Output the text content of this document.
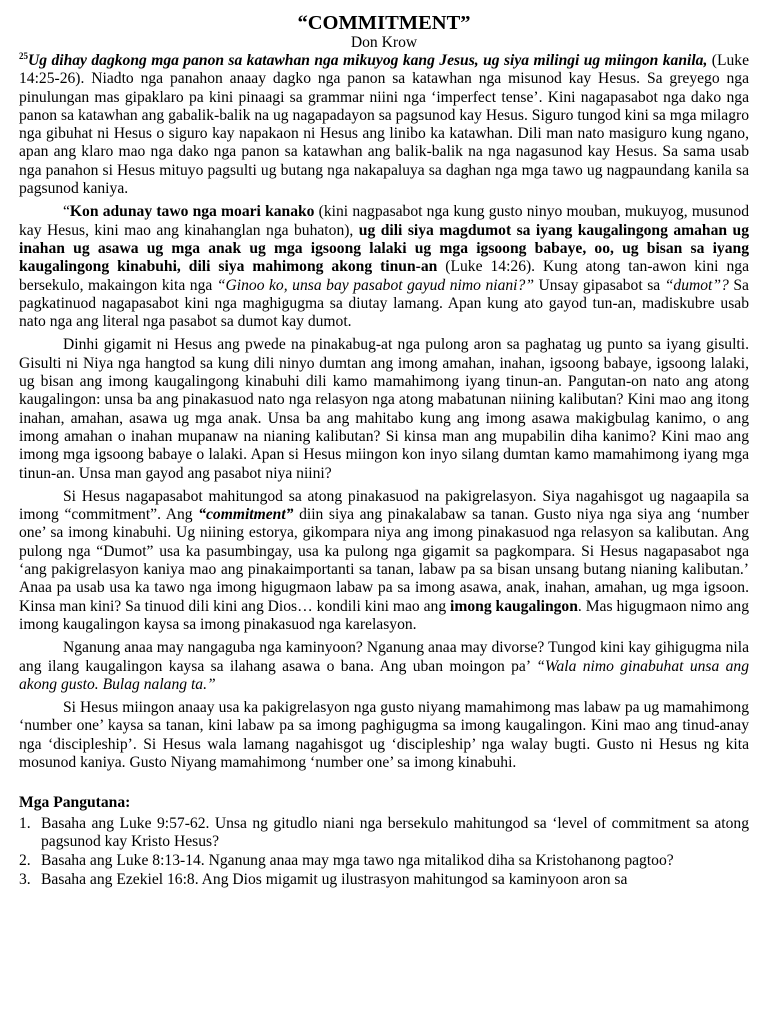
“COMMITMENT”
Don Krow

$^{25}$Ug dihay dagkong mga panon sa katawhan nga mikuyog kang Jesus, ug siya milingi ug miingon kanila, (Luke 14:25-26). Niadto nga panahon anaay dagko nga panon sa katawhan nga misunod kay Hesus. Sa greyego nga pinulungan mas gipaklaro pa kini pinaagi sa grammar niini nga ‘imperfect tense’. Kini nagapasabot nga dako nga panon sa katawhan ang gabalik-balik na ug nagapadayon sa pagsunod kay Hesus. Siguro tungod kini sa mga milagro nga gibuhat ni Hesus o siguro kay napakaon ni Hesus ang linibo ka katawhan. Dili man nato masiguro kung ngano, apan ang klaro mao nga dako nga panon sa katawhan ang balik-balik na nga nagasunod kay Hesus. Sa sama usab nga panahon si Hesus mituyo pagsulti ug butang nga nakapaluya sa daghan nga mga tawo ug nagpaundang kanila sa pagsunod kaniya.

“Kon adunay tawo nga moari kanako (kini nagpasabot nga kung gusto ninyo mouban, mukuyog, musunod kay Hesus, kini mao ang kinahanglan nga buhaton), ug dili siya magdumot sa iyang kaugalingong amahan ug inahan ug asawa ug mga anak ug mga igsoong lalaki ug mga igsoong babaye, oo, ug bisan sa iyang kaugalingong kinabuhi, dili siya mahimong akong tinun-an (Luke 14:26). Kung atong tan-awon kini nga bersekulo, makaingon kita nga “Ginoo ko, unsa bay pasabot gayud nimo niani?” Unsay gipasabot sa “dumot”? Sa pagkatinuod nagapasabot kini nga maghigugma sa diutay lamang. Apan kung ato gayod tun-an, madiskubre usab nato nga ang literal nga pasabot sa dumot kay dumot.

Dinhi gigamit ni Hesus ang pwede na pinakabug-at nga pulong aron sa paghatag ug punto sa iyang gisulti. Gisulti ni Niya nga hangtod sa kung dili ninyo dumtan ang imong amahan, inahan, igsoong babaye, igsoong lalaki, ug bisan ang imong kaugalingong kinabuhi dili kamo mamahimong iyang tinun-an. Pangutan-on nato ang atong kaugalingon: unsa ba ang pinakasuod nato nga relasyon nga atong mabatunan niining kalibutan? Kini mao ang itong inahan, amahan, asawa ug mga anak. Unsa ba ang mahitabo kung ang imong asawa makigbulag kanimo, o ang imong amahan o inahan mupanaw na nianing kalibutan? Si kinsa man ang mupabilin diha kanimo? Kini mao ang imong mga igsoong babaye o lalaki. Apan si Hesus miingon kon inyo silang dumtan kamo mamahimong iyang mga tinun-an. Unsa man gayod ang pasabot niya niini?

Si Hesus nagapasabot mahitungod sa atong pinakasuod na pakigrelasyon. Siya nagahisgot ug nagaapila sa imong “commitment”. Ang “commitment” diin siya ang pinakalabaw sa tanan. Gusto niya nga siya ang ‘number one’ sa imong kinabuhi. Ug niining estorya, gikompara niya ang imong pinakasuod nga relasyon sa kalibutan. Ang pulong nga “Dumot” usa ka pasumbingay, usa ka pulong nga gigamit sa pagkompara. Si Hesus nagapasabot nga ‘ang pakigrelasyon kaniya mao ang pinakaimportanti sa tanan, labaw pa sa bisan unsang butang nianing kalibutan.’ Anaa pa usab usa ka tawo nga imong higugmaon labaw pa sa imong asawa, anak, inahan, amahan, ug mga igsoon. Kinsa man kini? Sa tinuod dili kini ang Dios… kondili kini mao ang imong kaugalingon. Mas higugmaon nimo ang imong kaugalingon kaysa sa imong pinakasuod nga karelasyon.

Nganung anaa may nangaguba nga kaminyoon? Nganung anaa may divorse? Tungod kini kay gihigugma nila ang ilang kaugalingon kaysa sa ilahang asawa o bana. Ang uban moingon pa’ “Wala nimo ginabuhat unsa ang akong gusto. Bulag nalang ta.”

Si Hesus miingon anaay usa ka pakigrelasyon nga gusto niyang mamahimong mas labaw pa ug mamahimong ‘number one’ kaysa sa tanan, kini labaw pa sa imong paghigugma sa imong kaugalingon. Kini mao ang tinud-anay nga ‘discipleship’. Si Hesus wala lamang nagahisgot ug ‘discipleship’ nga walay bugti. Gusto ni Hesus ng kita mosunod kaniya. Gusto Niyang mamahimong ‘number one’ sa imong kinabuhi.

Mga Pangutana:
1. Basaha ang Luke 9:57-62. Unsa ng gitudlo niani nga bersekulo mahitungod sa ‘level of commitment sa atong pagsunod kay Kristo Hesus?
2. Basaha ang Luke 8:13-14. Nganung anaa may mga tawo nga mitalikod diha sa Kristohanong pagtoo?
3. Basaha ang Ezekiel 16:8. Ang Dios migamit ug ilustrasyon mahitungod sa kaminyoon aron sa
